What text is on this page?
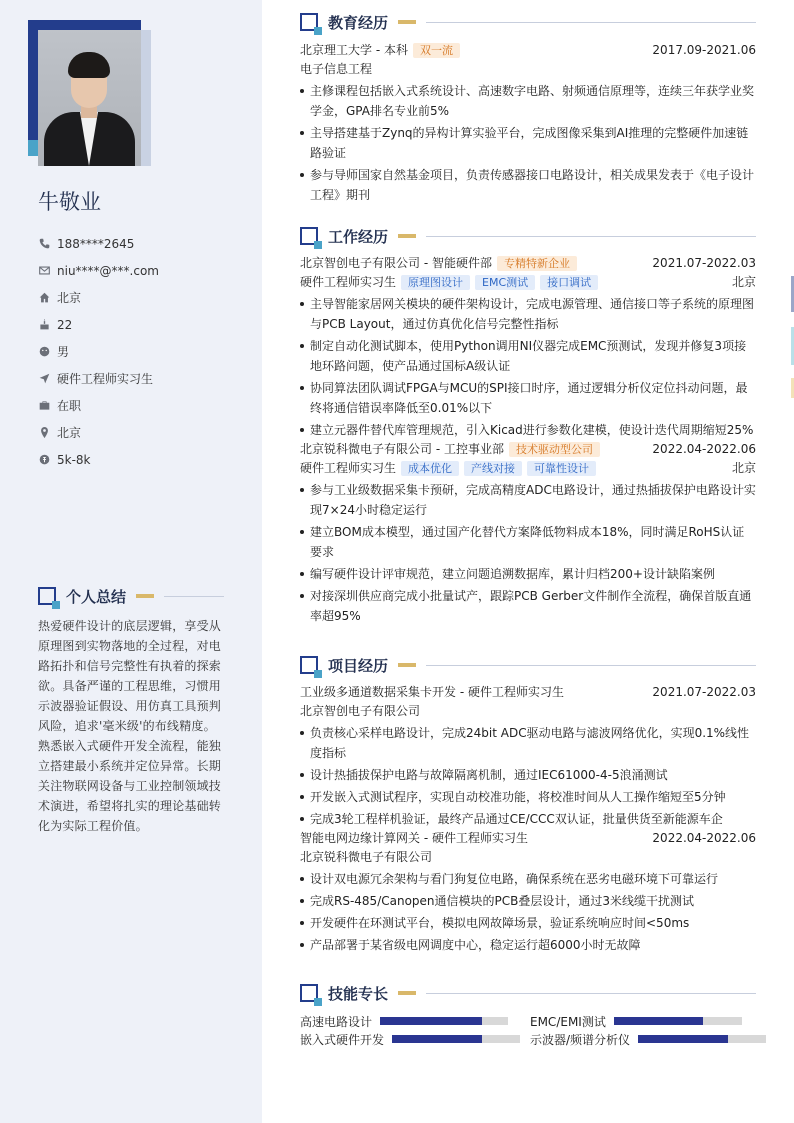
牛敬业
188****2645
niu****@***.com
北京
22
男
硬件工程师实习生
在职
北京
5k-8k
个人总结
热爱硬件设计的底层逻辑，享受从原理图到实物落地的全过程，对电路拓扑和信号完整性有执着的探索欲。具备严谨的工程思维，习惯用示波器验证假设、用仿真工具预判风险，追求'毫米级'的布线精度。熟悉嵌入式硬件开发全流程，能独立搭建最小系统并定位异常。长期关注物联网设备与工业控制领域技术演进，希望将扎实的理论基础转化为实际工程价值。
教育经历
北京理工大学 - 本科	双一流	2017.09-2021.06
电子信息工程
主修课程包括嵌入式系统设计、高速数字电路、射频通信原理等，连续三年获学业奖学金，GPA排名专业前5%
主导搭建基于Zynq的异构计算实验平台，完成图像采集到AI推理的完整硬件加速链路验证
参与导师国家自然基金项目，负责传感器接口电路设计，相关成果发表于《电子设计工程》期刊
工作经历
北京智创电子有限公司 - 智能硬件部	专精特新企业	2021.07-2022.03
硬件工程师实习生	原理图设计	EMC测试	接口调试	北京
主导智能家居网关模块的硬件架构设计，完成电源管理、通信接口等子系统的原理图与PCB Layout，通过仿真优化信号完整性指标
制定自动化测试脚本，使用Python调用NI仪器完成EMC预测试，发现并修复3项接地环路问题，使产品通过国标A级认证
协同算法团队调试FPGA与MCU的SPI接口时序，通过逻辑分析仪定位抖动问题，最终将通信错误率降低至0.01%以下
建立元器件替代库管理规范，引入Kicad进行参数化建模，使设计迭代周期缩短25%
北京锐科微电子有限公司 - 工控事业部	技术驱动型公司	2022.04-2022.06
硬件工程师实习生	成本优化	产线对接	可靠性设计	北京
参与工业级数据采集卡预研，完成高精度ADC电路设计，通过热插拔保护电路设计实现7×24小时稳定运行
建立BOM成本模型，通过国产化替代方案降低物料成本18%，同时满足RoHS认证要求
编写硬件设计评审规范，建立问题追溯数据库，累计归档200+设计缺陷案例
对接深圳供应商完成小批量试产，跟踪PCB Gerber文件制作全流程，确保首版直通率超95%
项目经历
工业级多通道数据采集卡开发 - 硬件工程师实习生	2021.07-2022.03
北京智创电子有限公司
负责核心采样电路设计，完成24bit ADC驱动电路与滤波网络优化，实现0.1%线性度指标
设计热插拔保护电路与故障隔离机制，通过IEC61000-4-5浪涌测试
开发嵌入式测试程序，实现自动校准功能，将校准时间从人工操作缩短至5分钟
完成3轮工程样机验证，最终产品通过CE/CCC双认证，批量供货至新能源车企
智能电网边缘计算网关 - 硬件工程师实习生	2022.04-2022.06
北京锐科微电子有限公司
设计双电源冗余架构与看门狗复位电路，确保系统在恶劣电磁环境下可靠运行
完成RS-485/Canopen通信模块的PCB叠层设计，通过3米线缆干扰测试
开发硬件在环测试平台，模拟电网故障场景，验证系统响应时间<50ms
产品部署于某省级电网调度中心，稳定运行超6000小时无故障
技能专长
高速电路设计	EMC/EMI测试
嵌入式硬件开发	示波器/频谱分析仪
